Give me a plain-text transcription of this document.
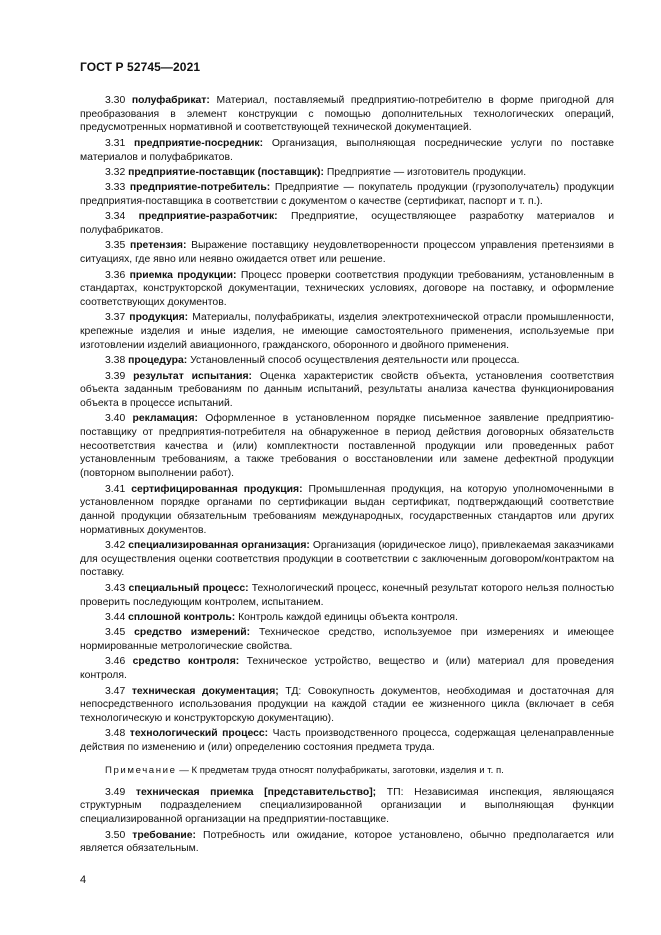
ГОСТ Р 52745—2021

3.30 полуфабрикат: Материал, поставляемый предприятию-потребителю в форме пригодной для преобразования в элемент конструкции с помощью дополнительных технологических операций, предусмотренных нормативной и соответствующей технической документацией.

3.31 предприятие-посредник: Организация, выполняющая посреднические услуги по поставке материалов и полуфабрикатов.

3.32 предприятие-поставщик (поставщик): Предприятие — изготовитель продукции.

3.33 предприятие-потребитель: Предприятие — покупатель продукции (грузополучатель) продукции предприятия-поставщика в соответствии с документом о качестве (сертификат, паспорт и т. п.).

3.34 предприятие-разработчик: Предприятие, осуществляющее разработку материалов и полуфабрикатов.

3.35 претензия: Выражение поставщику неудовлетворенности процессом управления претензиями в ситуациях, где явно или неявно ожидается ответ или решение.

3.36 приемка продукции: Процесс проверки соответствия продукции требованиям, установленным в стандартах, конструкторской документации, технических условиях, договоре на поставку, и оформление соответствующих документов.

3.37 продукция: Материалы, полуфабрикаты, изделия электротехнической отрасли промышленности, крепежные изделия и иные изделия, не имеющие самостоятельного применения, используемые при изготовлении изделий авиационного, гражданского, оборонного и двойного применения.

3.38 процедура: Установленный способ осуществления деятельности или процесса.

3.39 результат испытания: Оценка характеристик свойств объекта, установления соответствия объекта заданным требованиям по данным испытаний, результаты анализа качества функционирования объекта в процессе испытаний.

3.40 рекламация: Оформленное в установленном порядке письменное заявление предприятию-поставщику от предприятия-потребителя на обнаруженное в период действия договорных обязательств несоответствия качества и (или) комплектности поставленной продукции или проведенных работ установленным требованиям, а также требования о восстановлении или замене дефектной продукции (повторном выполнении работ).

3.41 сертифицированная продукция: Промышленная продукция, на которую уполномоченными в установленном порядке органами по сертификации выдан сертификат, подтверждающий соответствие данной продукции обязательным требованиям международных, государственных стандартов или других нормативных документов.

3.42 специализированная организация: Организация (юридическое лицо), привлекаемая заказчиками для осуществления оценки соответствия продукции в соответствии с заключенным договором/контрактом на поставку.

3.43 специальный процесс: Технологический процесс, конечный результат которого нельзя полностью проверить последующим контролем, испытанием.

3.44 сплошной контроль: Контроль каждой единицы объекта контроля.

3.45 средство измерений: Техническое средство, используемое при измерениях и имеющее нормированные метрологические свойства.

3.46 средство контроля: Техническое устройство, вещество и (или) материал для проведения контроля.

3.47 техническая документация; ТД: Совокупность документов, необходимая и достаточная для непосредственного использования продукции на каждой стадии ее жизненного цикла (включает в себя технологическую и конструкторскую документацию).

3.48 технологический процесс: Часть производственного процесса, содержащая целенаправленные действия по изменению и (или) определению состояния предмета труда.

Примечание — К предметам труда относят полуфабрикаты, заготовки, изделия и т. п.

3.49 техническая приемка [представительство]; ТП: Независимая инспекция, являющаяся структурным подразделением специализированной организации и выполняющая функции специализированной организации на предприятии-поставщике.

3.50 требование: Потребность или ожидание, которое установлено, обычно предполагается или является обязательным.

4
